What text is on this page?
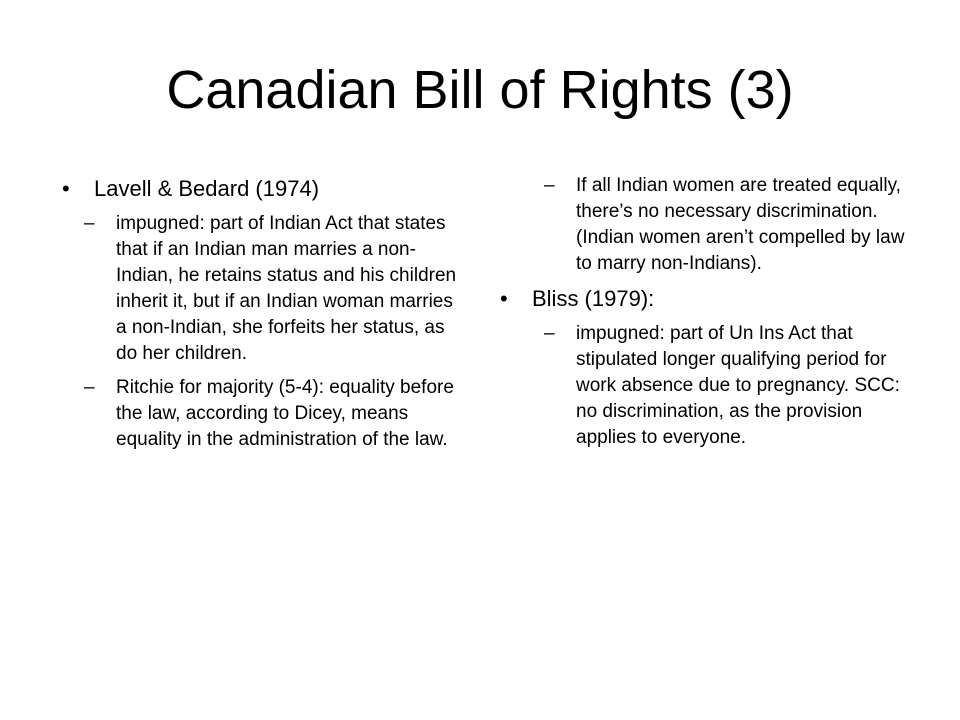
Canadian Bill of Rights (3)
• Lavell & Bedard (1974)
– impugned: part of Indian Act that states that if an Indian man marries a non-Indian, he retains status and his children inherit it, but if an Indian woman marries a non-Indian, she forfeits her status, as do her children.
– Ritchie for majority (5-4): equality before the law, according to Dicey, means equality in the administration of the law.
– If all Indian women are treated equally, there’s no necessary discrimination. (Indian women aren’t compelled by law to marry non-Indians).
• Bliss (1979):
– impugned: part of Un Ins Act that stipulated longer qualifying period for work absence due to pregnancy. SCC: no discrimination, as the provision applies to everyone.
